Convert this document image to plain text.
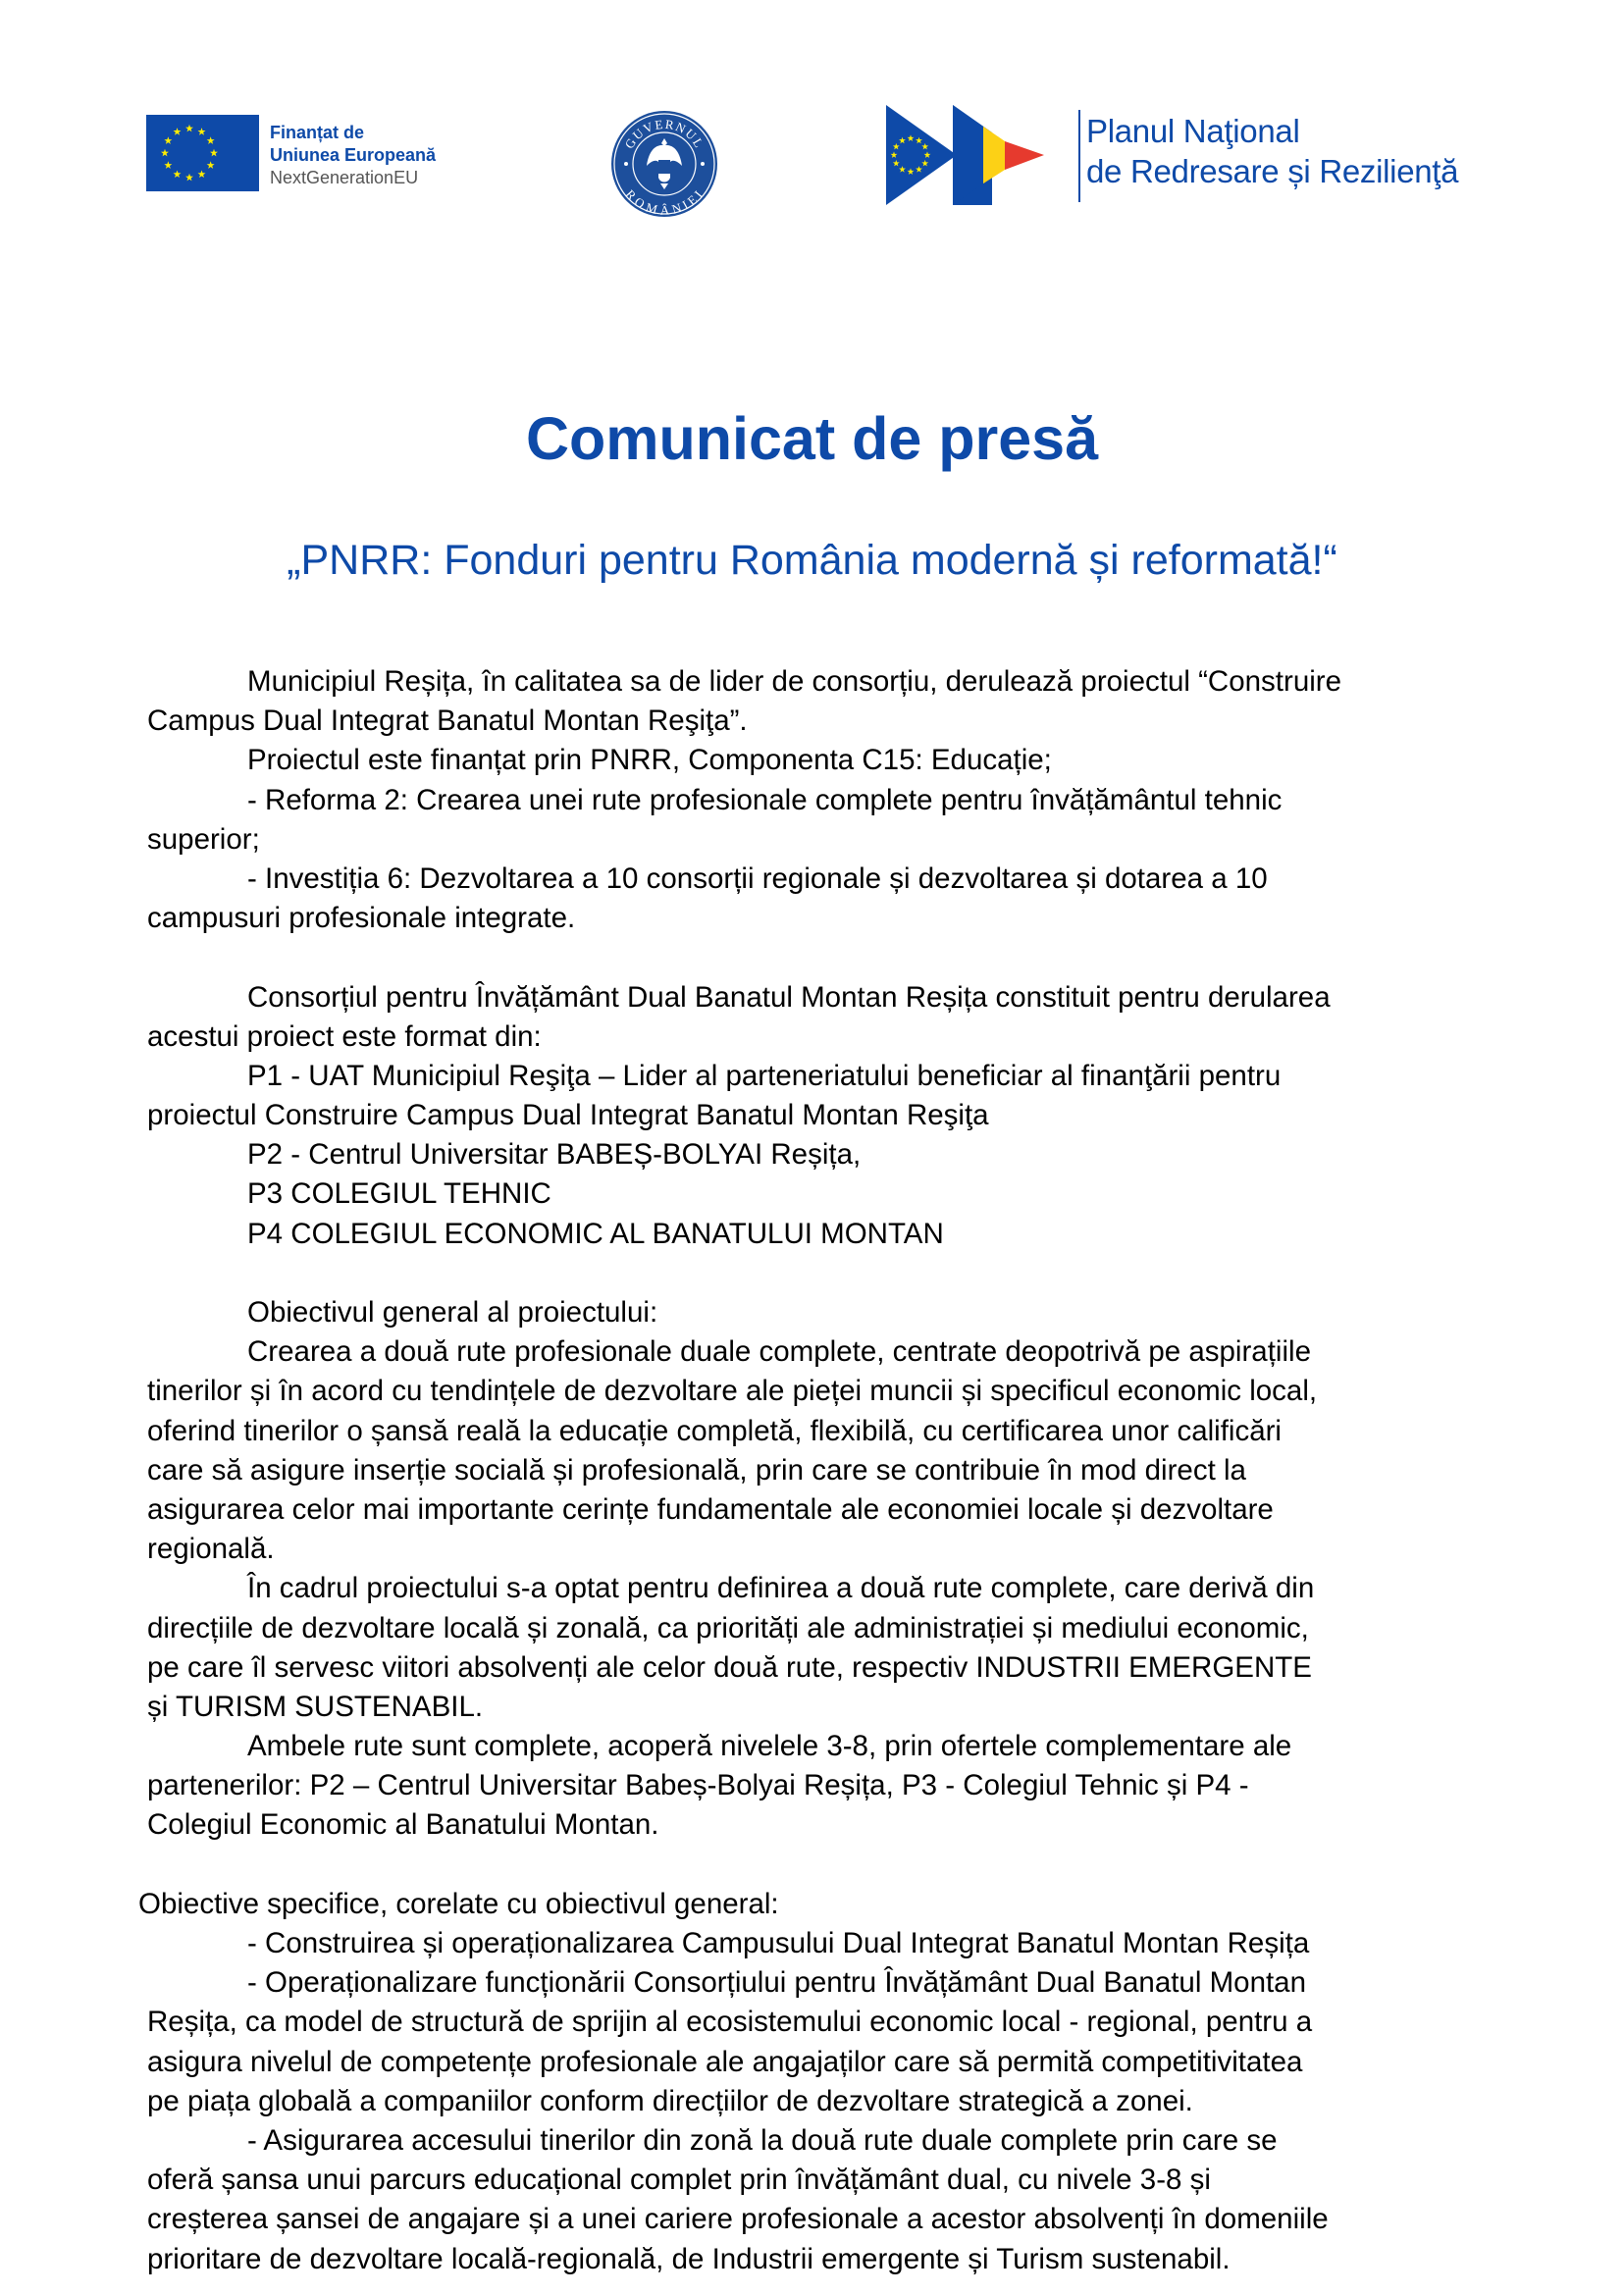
Finanțat de
Uniunea Europeană
NextGenerationEU
GUVERNUL
ROMÂNIEI
Planul Naţional
de Redresare și Rezilienţă
Comunicat de presă
„PNRR: Fonduri pentru România modernă și reformată!“
Municipiul Reșița, în calitatea sa de lider de consorțiu, derulează proiectul “Construire
Campus Dual Integrat Banatul Montan Reşiţa”.
Proiectul este finanțat prin PNRR, Componenta C15: Educație;
- Reforma 2: Crearea unei rute profesionale complete pentru învățământul tehnic
superior;
- Investiția 6: Dezvoltarea a 10 consorții regionale și dezvoltarea și dotarea a 10
campusuri profesionale integrate.
Consorțiul pentru Învățământ Dual Banatul Montan Reșița constituit pentru derularea
acestui proiect este format din:
P1 - UAT Municipiul Reşiţa – Lider al parteneriatului beneficiar al finanţării pentru
proiectul Construire Campus Dual Integrat Banatul Montan Reşiţa
P2 - Centrul Universitar BABEȘ-BOLYAI Reșița,
P3 COLEGIUL TEHNIC
P4 COLEGIUL ECONOMIC AL BANATULUI MONTAN
Obiectivul general al proiectului:
Crearea a două rute profesionale duale complete, centrate deopotrivă pe aspirațiile
tinerilor și în acord cu tendințele de dezvoltare ale pieței muncii și specificul economic local,
oferind tinerilor o șansă reală la educație completă, flexibilă, cu certificarea unor calificări
care să asigure inserție socială și profesională, prin care se contribuie în mod direct la
asigurarea celor mai importante cerințe fundamentale ale economiei locale și dezvoltare
regională.
În cadrul proiectului s-a optat pentru definirea a două rute complete, care derivă din
direcțiile de dezvoltare locală și zonală, ca priorități ale administrației și mediului economic,
pe care îl servesc viitori absolvenți ale celor două rute, respectiv INDUSTRII EMERGENTE
și TURISM SUSTENABIL.
Ambele rute sunt complete, acoperă nivelele 3-8, prin ofertele complementare ale
partenerilor: P2 – Centrul Universitar Babeș-Bolyai Reșița, P3 - Colegiul Tehnic și P4 -
Colegiul Economic al Banatului Montan.
Obiective specifice, corelate cu obiectivul general:
- Construirea și operaționalizarea Campusului Dual Integrat Banatul Montan Reșița
- Operaționalizare funcționării Consorțiului pentru Învățământ Dual Banatul Montan
Reșița, ca model de structură de sprijin al ecosistemului economic local - regional, pentru a
asigura nivelul de competențe profesionale ale angajaților care să permită competitivitatea
pe piața globală a companiilor conform direcțiilor de dezvoltare strategică a zonei.
- Asigurarea accesului tinerilor din zonă la două rute duale complete prin care se
oferă șansa unui parcurs educațional complet prin învățământ dual, cu nivele 3-8 și
creșterea șansei de angajare și a unei cariere profesionale a acestor absolvenți în domeniile
prioritare de dezvoltare locală-regională, de Industrii emergente și Turism sustenabil.
